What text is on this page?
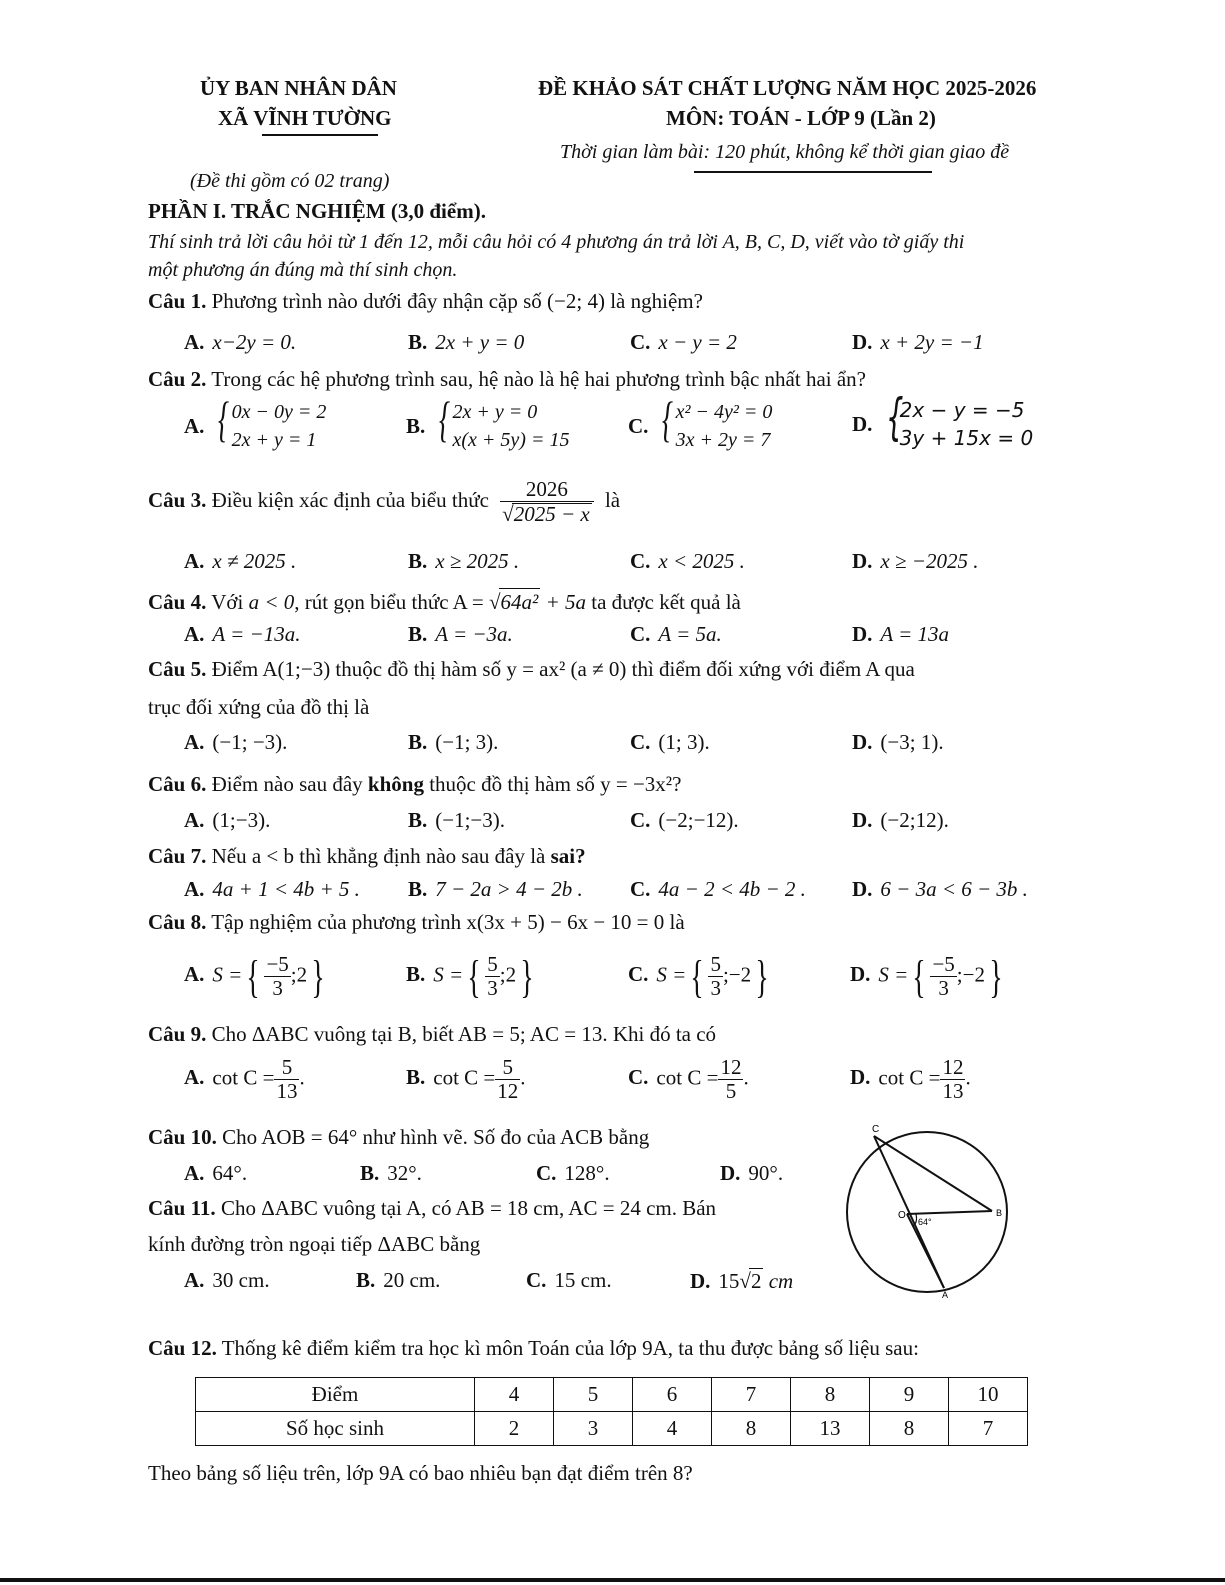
ỦY BAN NHÂN DÂN
XÃ VĨNH TƯỜNG
ĐỀ KHẢO SÁT CHẤT LƯỢNG NĂM HỌC 2025-2026
MÔN: TOÁN - LỚP 9 (Lần 2)
Thời gian làm bài: 120 phút, không kể thời gian giao đề
(Đề thi gồm có 02 trang)
PHẦN I. TRẮC NGHIỆM (3,0 điểm).
Thí sinh trả lời câu hỏi từ 1 đến 12, mỗi câu hỏi có 4 phương án trả lời A, B, C, D, viết vào tờ giấy thi
một phương án đúng mà thí sinh chọn.
Câu 1. Phương trình nào dưới đây nhận cặp số (−2; 4) là nghiệm?
A. x−2y = 0.	B. 2x + y = 0	C. x − y = 2	D. x + 2y = −1
Câu 2. Trong các hệ phương trình sau, hệ nào là hệ hai phương trình bậc nhất hai ẩn?
A. { 0x − 0y = 2
2x + y = 1
B. { 2x + y = 0
x(x + 5y) = 15
C. { x² − 4y² = 0
3x + 2y = 7
D. {
2x − y = −5
3y + 15x = 0
Câu 3. Điều kiện xác định của biểu thức $\frac{2026}{√2025 - x}$ là
A. x ≠ 2025 .	B. x ≥ 2025 .	C. x < 2025 .	D. x ≥ −2025 .
Câu 4. Với a < 0, rút gọn biểu thức A = √64a² + 5a ta được kết quả là
A. A = −13a.	B. A = −3a.	C. A = 5a.	D. A = 13a
Câu 5. Điểm A(1;−3) thuộc đồ thị hàm số y = ax² (a ≠ 0) thì điểm đối xứng với điểm A qua
trục đối xứng của đồ thị là
A. (−1; −3).	B. (−1; 3).	C. (1; 3).	D. (−3; 1).
Câu 6. Điểm nào sau đây không thuộc đồ thị hàm số y = −3x²?
A. (1;−3).	B. (−1;−3).	C. (−2;−12).	D. (−2;12).
Câu 7. Nếu a < b thì khẳng định nào sau đây là sai?
A. 4a + 1 < 4b + 5 . B. 7 − 2a > 4 − 2b . C. 4a − 2 < 4b − 2 . D. 6 − 3a < 6 − 3b .
Câu 8. Tập nghiệm của phương trình x(3x + 5) − 6x − 10 = 0 là
A. S ={ $\frac{-5}{3}$ ;2}	B. S ={ $\frac{5}{3}$ ;2}	C. S ={ $\frac{5}{3}$ ;−2}	D. S ={ $\frac{-5}{3}$ ;−2}
Câu 9. Cho ΔABC vuông tại B, biết AB = 5; AC = 13. Khi đó ta có
A. $\cot C = \frac{5}{13}$ .	B. $\cot C = \frac{5}{12}$ .	C. $\cot C = \frac{12}{5}$ .	D. $\cot C = \frac{12}{13}$ .
Câu 10. Cho AOB = 64° như hình vẽ. Số đo của ACB bằng
A. 64°.	B. 32°.	C. 128°.	D. 90°.
Câu 11. Cho ΔABC vuông tại A, có AB = 18 cm, AC = 24 cm. Bán
kính đường tròn ngoại tiếp ΔABC bằng
A. 30 cm.	B. 20 cm.	C. 15 cm.	D. 15√2 cm
C
O	B
A
64°
Câu 12. Thống kê điểm kiểm tra học kì môn Toán của lớp 9A, ta thu được bảng số liệu sau:
Điểm	4	5	6	7	8	9	10
Số học sinh	2	3	4	8	13	8	7
Theo bảng số liệu trên, lớp 9A có bao nhiêu bạn đạt điểm trên 8?
